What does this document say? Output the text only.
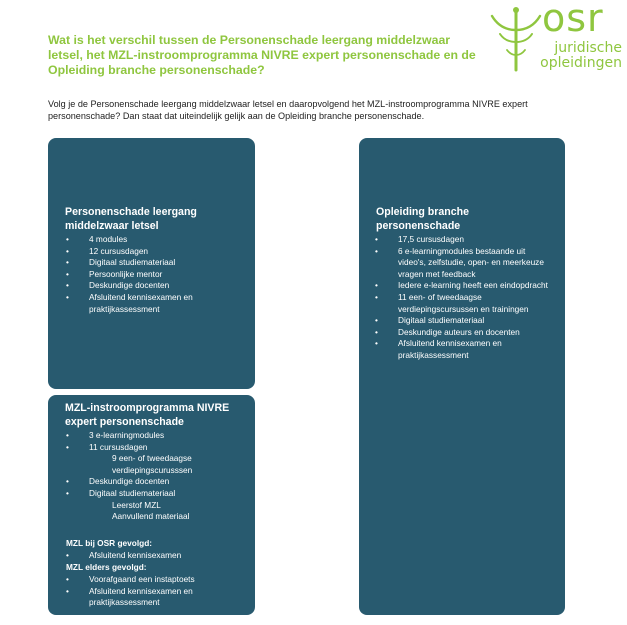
Wat is het verschil tussen de Personenschade leergang middelzwaar letsel, het MZL-instroomprogramma NIVRE expert personenschade en de Opleiding branche personenschade?
osr
juridische
opleidingen
Volg je de Personenschade leergang middelzwaar letsel en daaropvolgend het MZL-instroomprogramma NIVRE expert personenschade? Dan staat dat uiteindelijk gelijk aan de Opleiding branche personenschade.
Personenschade leergang middelzwaar letsel
• 4 modules
• 12 cursusdagen
• Digitaal studiemateriaal
• Persoonlijke mentor
• Deskundige docenten
• Afsluitend kennisexamen en praktijkassessment
MZL-instroomprogramma NIVRE expert personenschade
• 3 e-learningmodules
• 11 cursusdagen
9 een- of tweedaagse verdiepingscurusssen
• Deskundige docenten
• Digitaal studiemateriaal
Leerstof MZL
Aanvullend materiaal
MZL bij OSR gevolgd:
• Afsluitend kennisexamen
MZL elders gevolgd:
• Voorafgaand een instaptoets
• Afsluitend kennisexamen en praktijkassessment
Opleiding branche personenschade
• 17,5 cursusdagen
• 6 e-learningmodules bestaande uit video's, zelfstudie, open- en meerkeuze vragen met feedback
• Iedere e-learning heeft een eindopdracht
• 11 een- of tweedaagse verdiepingscursussen en trainingen
• Digitaal studiemateriaal
• Deskundige auteurs en docenten
• Afsluitend kennisexamen en praktijkassessment
